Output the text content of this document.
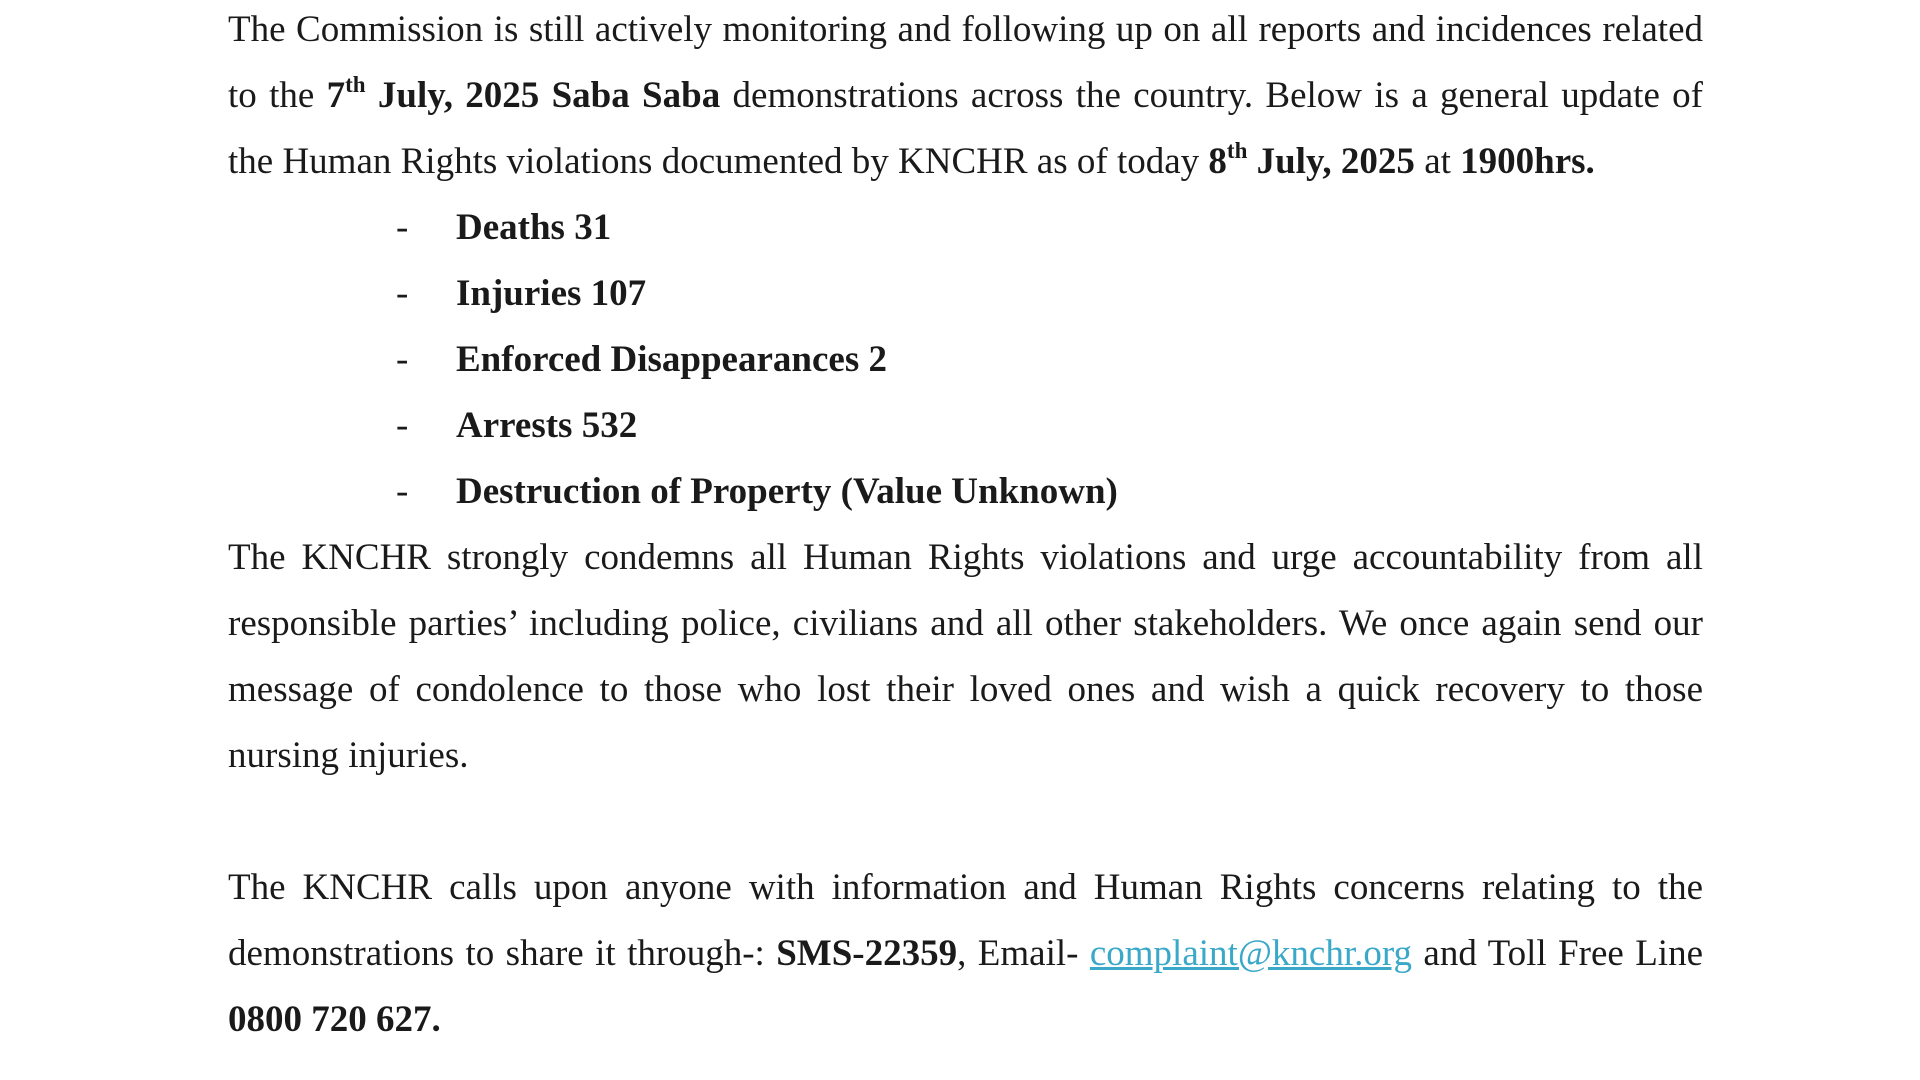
The Commission is still actively monitoring and following up on all reports and incidences related
to the 7th July, 2025 Saba Saba demonstrations across the country. Below is a general update of
the Human Rights violations documented by KNCHR as of today 8th July, 2025 at 1900hrs.

- Deaths 31
- Injuries 107
- Enforced Disappearances 2
- Arrests 532
- Destruction of Property (Value Unknown)

The KNCHR strongly condemns all Human Rights violations and urge accountability from all
responsible parties’ including police, civilians and all other stakeholders. We once again send our
message of condolence to those who lost their loved ones and wish a quick recovery to those
nursing injuries.

The KNCHR calls upon anyone with information and Human Rights concerns relating to the
demonstrations to share it through-: SMS-22359, Email- complaint@knchr.org and Toll Free Line
0800 720 627.
